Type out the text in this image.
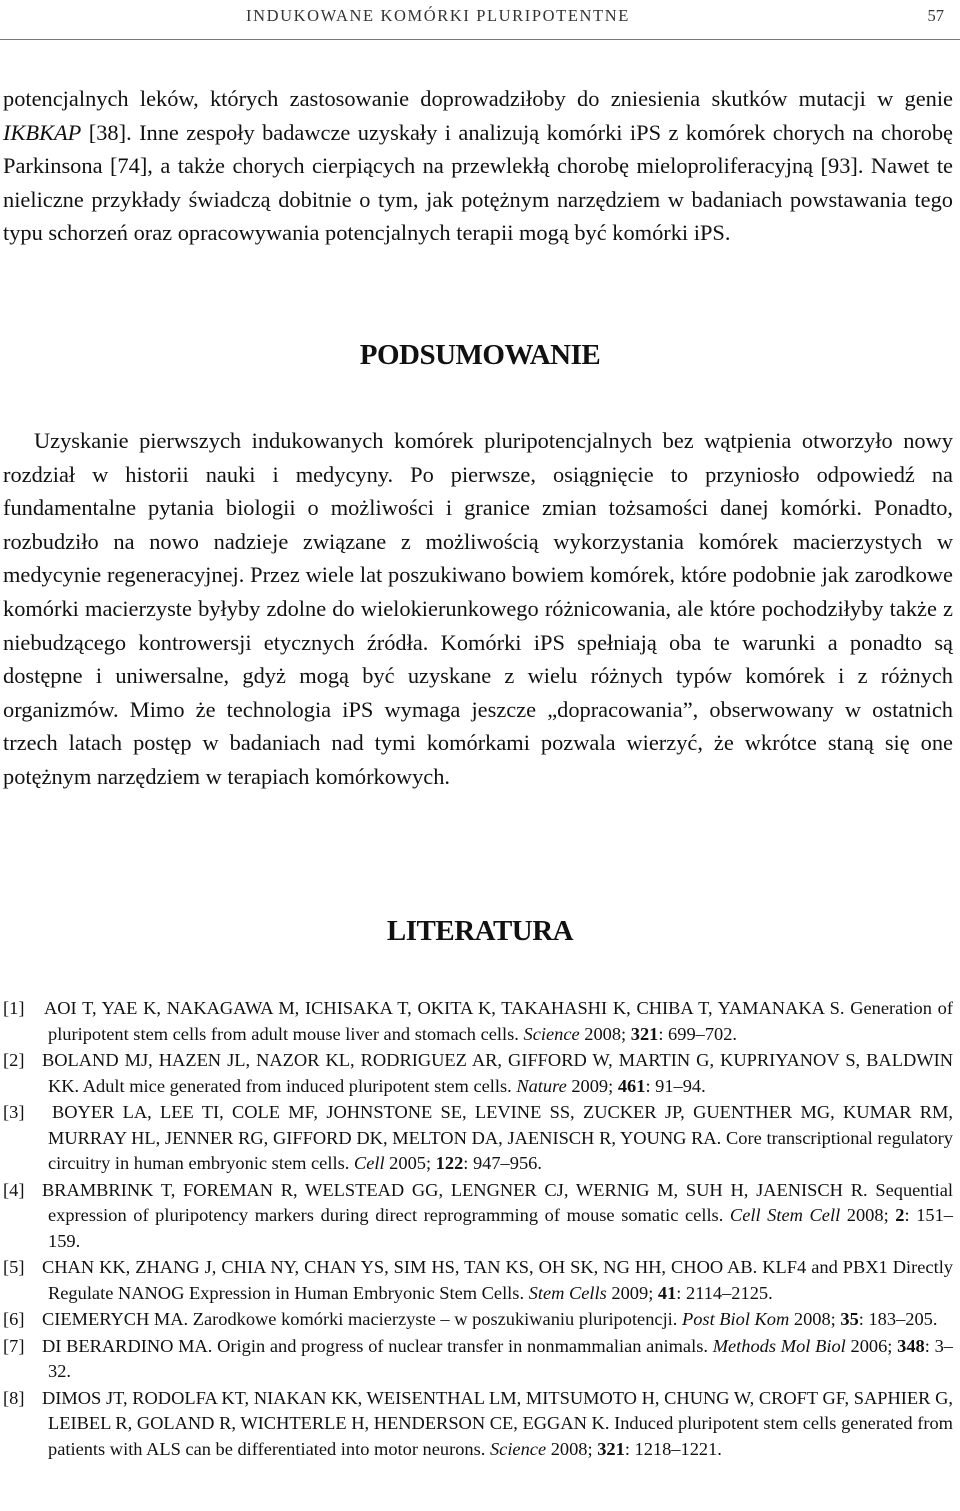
INDUKOWANE KOMÓRKI PLURIPOTENTNE	57

potencjalnych leków, których zastosowanie doprowadziłoby do zniesienia skutków mutacji w genie IKBKAP [38]. Inne zespoły badawcze uzyskały i analizują komórki iPS z komórek chorych na chorobę Parkinsona [74], a także chorych cierpiących na przewlekłą chorobę mieloproliferacyjną [93]. Nawet te nieliczne przykłady świadczą dobitnie o tym, jak potężnym narzędziem w badaniach powstawania tego typu schorzeń oraz opracowywania potencjalnych terapii mogą być komórki iPS.

PODSUMOWANIE

Uzyskanie pierwszych indukowanych komórek pluripotencjalnych bez wątpienia otworzyło nowy rozdział w historii nauki i medycyny. Po pierwsze, osiągnięcie to przyniosło odpowiedź na fundamentalne pytania biologii o możliwości i granice zmian tożsamości danej komórki. Ponadto, rozbudziło na nowo nadzieje związane z możliwością wykorzystania komórek macierzystych w medycynie regeneracyjnej. Przez wiele lat poszukiwano bowiem komórek, które podobnie jak zarodkowe komórki macierzyste byłyby zdolne do wielokierunkowego różnicowania, ale które pochodziłyby także z niebudzącego kontrowersji etycznych źródła. Komórki iPS spełniają oba te warunki a ponadto są dostępne i uniwersalne, gdyż mogą być uzyskane z wielu różnych typów komórek i z różnych organizmów. Mimo że technologia iPS wymaga jeszcze „dopracowania”, obserwowany w ostatnich trzech latach postęp w badaniach nad tymi komórkami pozwala wierzyć, że wkrótce staną się one potężnym narzędziem w terapiach komórkowych.

LITERATURA
[1] AOI T, YAE K, NAKAGAWA M, ICHISAKA T, OKITA K, TAKAHASHI K, CHIBA T, YAMANAKA S. Generation of pluripotent stem cells from adult mouse liver and stomach cells. Science 2008; 321: 699–702.
[2] BOLAND MJ, HAZEN JL, NAZOR KL, RODRIGUEZ AR, GIFFORD W, MARTIN G, KUPRIYANOV S, BALDWIN KK. Adult mice generated from induced pluripotent stem cells. Nature 2009; 461: 91–94.
[3] BOYER LA, LEE TI, COLE MF, JOHNSTONE SE, LEVINE SS, ZUCKER JP, GUENTHER MG, KUMAR RM, MURRAY HL, JENNER RG, GIFFORD DK, MELTON DA, JAENISCH R, YOUNG RA. Core transcriptional regulatory circuitry in human embryonic stem cells. Cell 2005; 122: 947–956.
[4] BRAMBRINK T, FOREMAN R, WELSTEAD GG, LENGNER CJ, WERNIG M, SUH H, JAENISCH R. Sequential expression of pluripotency markers during direct reprogramming of mouse somatic cells. Cell Stem Cell 2008; 2: 151–159.
[5] CHAN KK, ZHANG J, CHIA NY, CHAN YS, SIM HS, TAN KS, OH SK, NG HH, CHOO AB. KLF4 and PBX1 Directly Regulate NANOG Expression in Human Embryonic Stem Cells. Stem Cells 2009; 41: 2114–2125.
[6] CIEMERYCH MA. Zarodkowe komórki macierzyste – w poszukiwaniu pluripotencji. Post Biol Kom 2008; 35: 183–205.
[7] DI BERARDINO MA. Origin and progress of nuclear transfer in nonmammalian animals. Methods Mol Biol 2006; 348: 3–32.
[8] DIMOS JT, RODOLFA KT, NIAKAN KK, WEISENTHAL LM, MITSUMOTO H, CHUNG W, CROFT GF, SAPHIER G, LEIBEL R, GOLAND R, WICHTERLE H, HENDERSON CE, EGGAN K. Induced pluripotent stem cells generated from patients with ALS can be differentiated into motor neurons. Science 2008; 321: 1218–1221.
